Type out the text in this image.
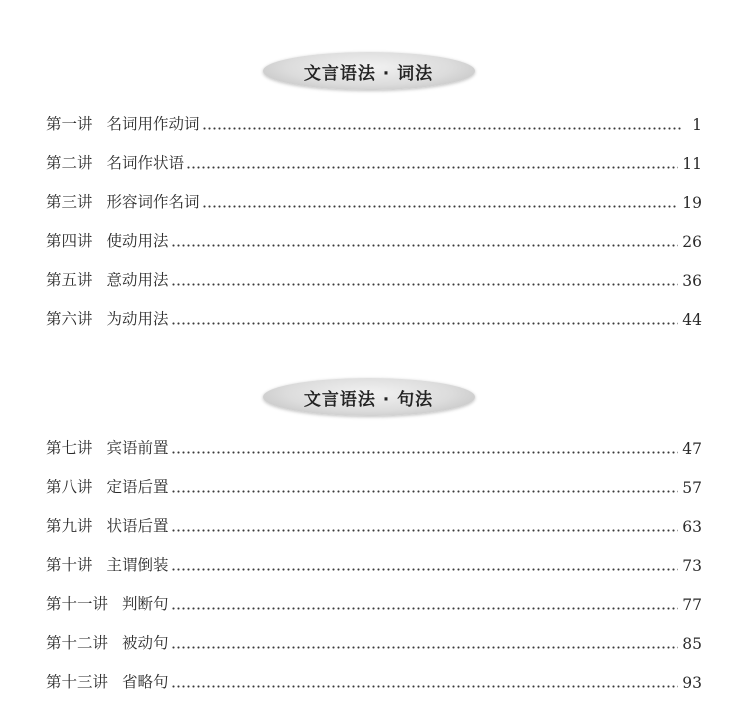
文言语法 · 词法
第一讲 名词用作动词	1
第二讲 名词作状语	11
第三讲 形容词作名词	19
第四讲 使动用法	26
第五讲 意动用法	36
第六讲 为动用法	44
文言语法 · 句法
第七讲 宾语前置	47
第八讲 定语后置	57
第九讲 状语后置	63
第十讲 主谓倒装	73
第十一讲 判断句	77
第十二讲 被动句	85
第十三讲 省略句	93
